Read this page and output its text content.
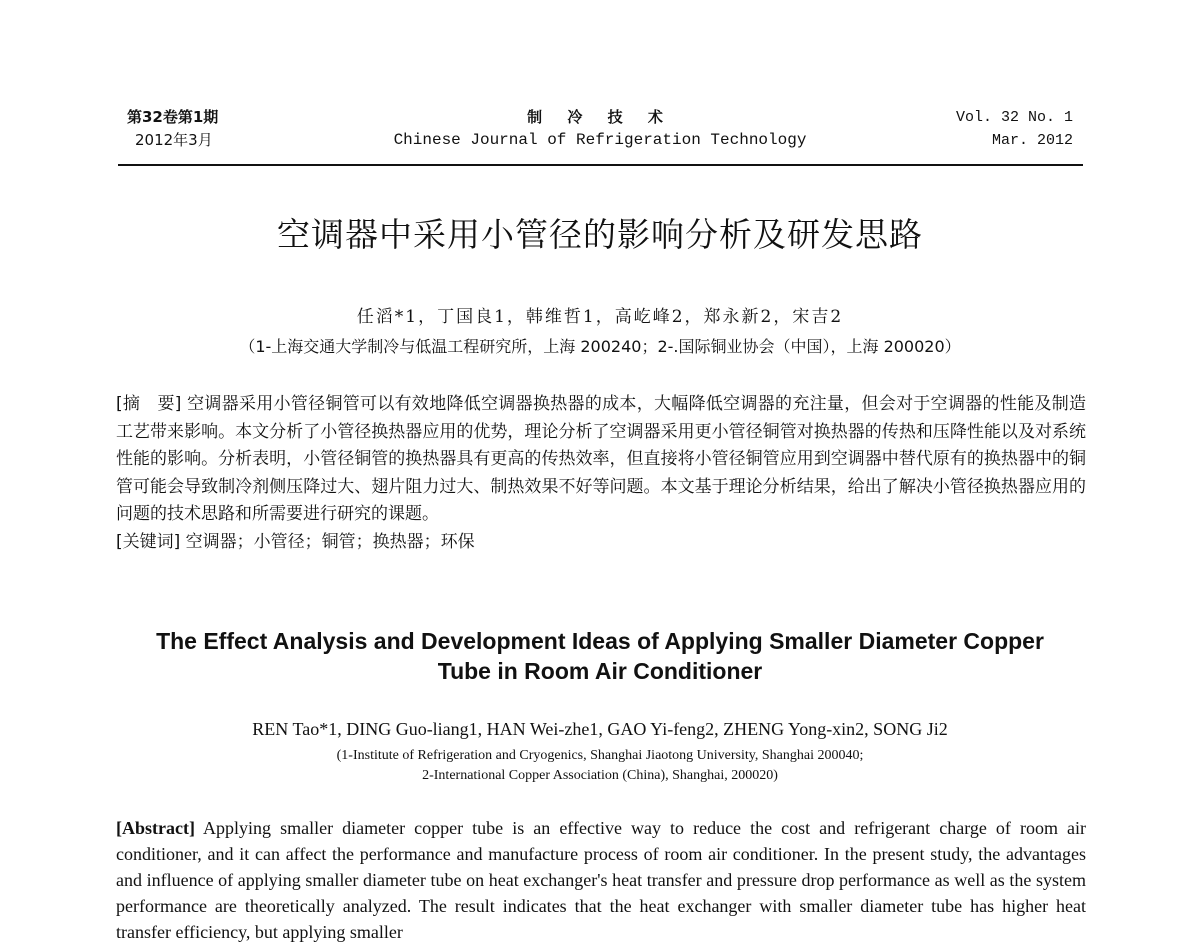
第32卷第1期
2012年3月
制 冷 技 术
Chinese Journal of Refrigeration Technology
Vol. 32 No. 1
Mar. 2012
空调器中采用小管径的影响分析及研发思路
任滔*1，丁国良1，韩维哲1，高屹峰2，郑永新2，宋吉2
（1-上海交通大学制冷与低温工程研究所，上海 200240；2-.国际铜业协会（中国），上海 200020）

[摘　要] 空调器采用小管径铜管可以有效地降低空调器换热器的成本，大幅降低空调器的充注量，但会对于空调器的性能及制造工艺带来影响。本文分析了小管径换热器应用的优势，理论分析了空调器采用更小管径铜管对换热器的传热和压降性能以及对系统性能的影响。分析表明，小管径铜管的换热器具有更高的传热效率，但直接将小管径铜管应用到空调器中替代原有的换热器中的铜管可能会导致制冷剂侧压降过大、翅片阻力过大、制热效果不好等问题。本文基于理论分析结果，给出了解决小管径换热器应用的问题的技术思路和所需要进行研究的课题。

[关键词] 空调器；小管径；铜管；换热器；环保

The Effect Analysis and Development Ideas of Applying Smaller Diameter Copper Tube in Room Air Conditioner
REN Tao*1, DING Guo-liang1, HAN Wei-zhe1, GAO Yi-feng2, ZHENG Yong-xin2, SONG Ji2
(1-Institute of Refrigeration and Cryogenics, Shanghai Jiaotong University, Shanghai 200040;
2-International Copper Association (China), Shanghai, 200020)
[Abstract] Applying smaller diameter copper tube is an effective way to reduce the cost and refrigerant charge of room air conditioner, and it can affect the performance and manufacture process of room air conditioner. In the present study, the advantages and influence of applying smaller diameter tube on heat exchanger's heat transfer and pressure drop performance as well as the system performance are theoretically analyzed. The result indicates that the heat exchanger with smaller diameter tube has higher heat transfer efficiency, but applying smaller
